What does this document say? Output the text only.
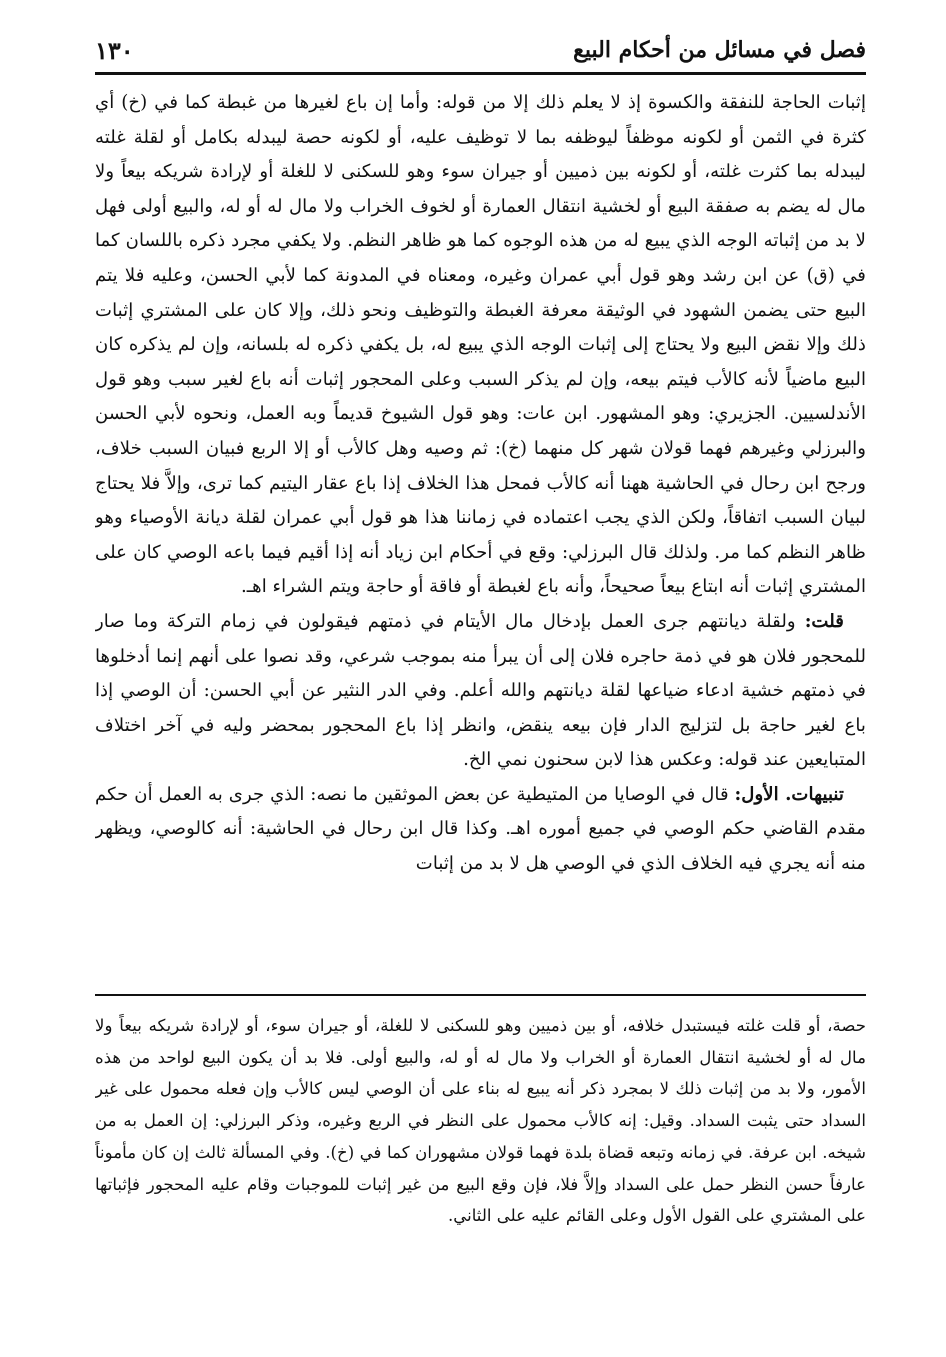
فصل في مسائل من أحكام البيع
١٣٠

إثبات الحاجة للنفقة والكسوة إذ لا يعلم ذلك إلا من قوله: وأما إن باع لغيرها من غبطة كما في (خ) أي كثرة في الثمن أو لكونه موظفاً ليوظفه بما لا توظيف عليه، أو لكونه حصة ليبدله بكامل أو لقلة غلته ليبدله بما كثرت غلته، أو لكونه بين ذميين أو جيران سوء وهو للسكنى لا للغلة أو لإرادة شريكه بيعاً ولا مال له يضم به صفقة البيع أو لخشية انتقال العمارة أو لخوف الخراب ولا مال له أو له، والبيع أولى فهل لا بد من إثباته الوجه الذي يبيع له من هذه الوجوه كما هو ظاهر النظم. ولا يكفي مجرد ذكره باللسان كما في (ق) عن ابن رشد وهو قول أبي عمران وغيره، ومعناه في المدونة كما لأبي الحسن، وعليه فلا يتم البيع حتى يضمن الشهود في الوثيقة معرفة الغبطة والتوظيف ونحو ذلك، وإلا كان على المشتري إثبات ذلك وإلا نقض البيع ولا يحتاج إلى إثبات الوجه الذي يبيع له، بل يكفي ذكره له بلسانه، وإن لم يذكره كان البيع ماضياً لأنه كالأب فيتم بيعه، وإن لم يذكر السبب وعلى المحجور إثبات أنه باع لغير سبب وهو قول الأندلسيين. الجزيري: وهو المشهور. ابن عات: وهو قول الشيوخ قديماً وبه العمل، ونحوه لأبي الحسن والبرزلي وغيرهم فهما قولان شهر كل منهما (خ): ثم وصيه وهل كالأب أو إلا الربع فبيان السبب خلاف، ورجح ابن رحال في الحاشية ههنا أنه كالأب فمحل هذا الخلاف إذا باع عقار اليتيم كما ترى، وإلاَّ فلا يحتاج لبيان السبب اتفاقاً، ولكن الذي يجب اعتماده في زماننا هذا هو قول أبي عمران لقلة ديانة الأوصياء وهو ظاهر النظم كما مر. ولذلك قال البرزلي: وقع في أحكام ابن زياد أنه إذا أقيم فيما باعه الوصي كان على المشتري إثبات أنه ابتاع بيعاً صحيحاً، وأنه باع لغبطة أو فاقة أو حاجة ويتم الشراء اهـ.

قلت: ولقلة ديانتهم جرى العمل بإدخال مال الأيتام في ذمتهم فيقولون في زمام التركة وما صار للمحجور فلان هو في ذمة حاجره فلان إلى أن يبرأ منه بموجب شرعي، وقد نصوا على أنهم إنما أدخلوها في ذمتهم خشية ادعاء ضياعها لقلة ديانتهم والله أعلم. وفي الدر النثير عن أبي الحسن: أن الوصي إذا باع لغير حاجة بل لتزليج الدار فإن بيعه ينقض، وانظر إذا باع المحجور بمحضر وليه في آخر اختلاف المتبايعين عند قوله: وعكس هذا لابن سحنون نمي الخ.

تنبيهات. الأول: قال في الوصايا من المتيطية عن بعض الموثقين ما نصه: الذي جرى به العمل أن حكم مقدم القاضي حكم الوصي في جميع أموره اهـ. وكذا قال ابن رحال في الحاشية: أنه كالوصي، ويظهر منه أنه يجري فيه الخلاف الذي في الوصي هل لا بد من إثبات

حصة، أو قلت غلته فيستبدل خلافه، أو بين ذميين وهو للسكنى لا للغلة، أو جيران سوء، أو لإرادة شريكه بيعاً ولا مال له أو لخشية انتقال العمارة أو الخراب ولا مال له أو له، والبيع أولى. فلا بد أن يكون البيع لواحد من هذه الأمور، ولا بد من إثبات ذلك لا بمجرد ذكر أنه يبيع له بناء على أن الوصي ليس كالأب وإن فعله محمول على غير السداد حتى يثبت السداد. وقيل: إنه كالأب محمول على النظر في الربع وغيره، وذكر البرزلي: إن العمل به من شيخه. ابن عرفة. في زمانه وتبعه قضاة بلدة فهما قولان مشهوران كما في (خ). وفي المسألة ثالث إن كان مأموناً عارفاً حسن النظر حمل على السداد وإلاَّ فلا، فإن وقع البيع من غير إثبات للموجبات وقام عليه المحجور فإثباتها على المشتري على القول الأول وعلى القائم عليه على الثاني.
